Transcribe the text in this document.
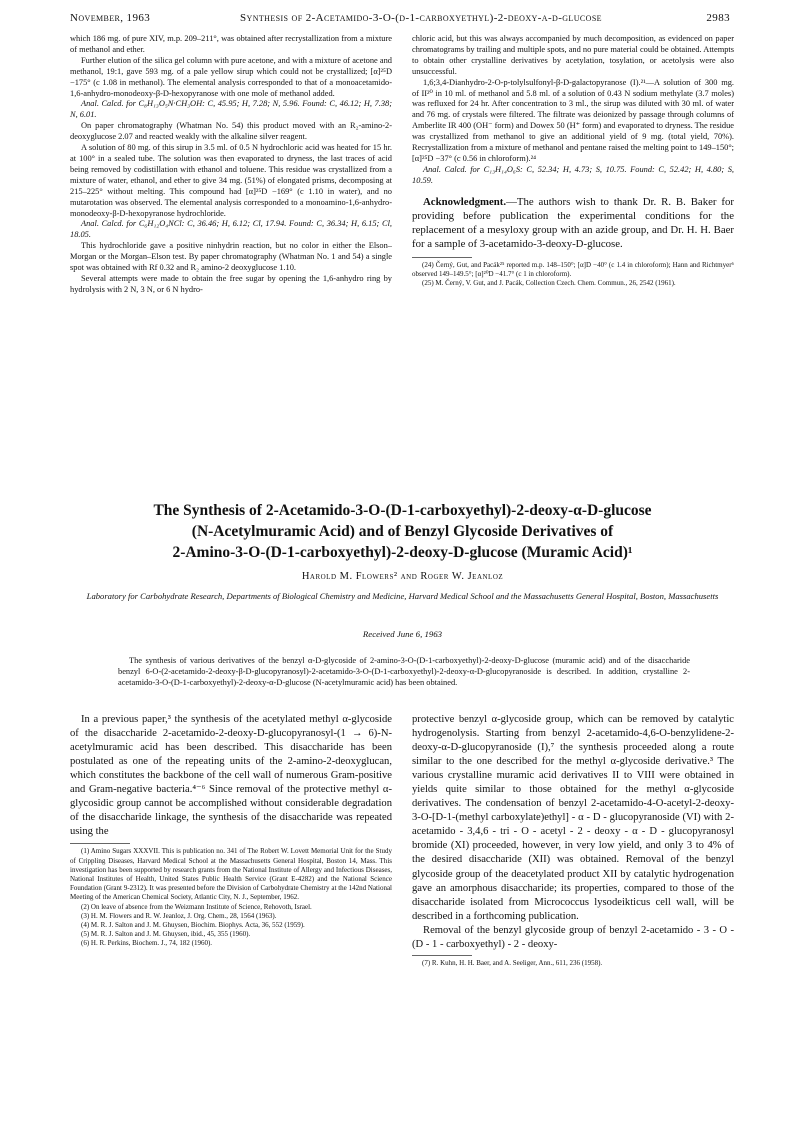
November, 1963	Synthesis of 2-Acetamido-3-O-(d-1-carboxyethyl)-2-deoxy-α-d-glucose	2983

which 186 mg. of pure XIV, m.p. 209–211°, was obtained after recrystallization from a mixture of methanol and ether.

Further elution of the silica gel column with pure acetone, and with a mixture of acetone and methanol, 19:1, gave 593 mg. of a pale yellow sirup which could not be crystallized; [α]²⁵D −175° (c 1.08 in methanol). The elemental analysis corresponded to that of a monoacetamido-1,6-anhydro-monodeoxy-β-D-hexopyranose with one mole of methanol added.

Anal. Calcd. for C₈H₁₃O₅N·CH₃OH: C, 45.95; H, 7.28; N, 5.96. Found: C, 46.12; H, 7.38; N, 6.01.

On paper chromatography (Whatman No. 54) this product moved with an R₂-amino-2-deoxyglucose 2.07 and reacted weakly with the alkaline silver reagent.

A solution of 80 mg. of this sirup in 3.5 ml. of 0.5 N hydrochloric acid was heated for 15 hr. at 100° in a sealed tube. The solution was then evaporated to dryness, the last traces of acid being removed by codistillation with ethanol and toluene. This residue was crystallized from a mixture of water, ethanol, and ether to give 34 mg. (51%) of elongated prisms, decomposing at 215–225° without melting. This compound had [α]²⁵D −169° (c 1.10 in water), and no mutarotation was observed. The elemental analysis corresponded to a monoamino-1,6-anhydro-monodeoxy-β-D-hexopyranose hydrochloride.

Anal. Calcd. for C₆H₁₂O₄NCl: C, 36.46; H, 6.12; Cl, 17.94. Found: C, 36.34; H, 6.15; Cl, 18.05.

This hydrochloride gave a positive ninhydrin reaction, but no color in either the Elson–Morgan or the Morgan–Elson test. By paper chromatography (Whatman No. 1 and 54) a single spot was obtained with Rf 0.32 and R₂ amino-2 deoxyglucose 1.10.

Several attempts were made to obtain the free sugar by opening the 1,6-anhydro ring by hydrolysis with 2 N, 3 N, or 6 N hydro-

chloric acid, but this was always accompanied by much decomposition, as evidenced on paper chromatograms by trailing and multiple spots, and no pure material could be obtained. Attempts to obtain other crystalline derivatives by acetylation, tosylation, or acetolysis were also unsuccessful.

1,6;3,4-Dianhydro-2-O-p-tolylsulfonyl-β-D-galactopyranose (I).²¹—A solution of 300 mg. of II²⁰ in 10 ml. of methanol and 5.8 ml. of a solution of 0.43 N sodium methylate (3.7 moles) was refluxed for 24 hr. After concentration to 3 ml., the sirup was diluted with 30 ml. of water and 76 mg. of crystals were filtered. The filtrate was deionized by passage through columns of Amberlite IR 400 (OH⁻ form) and Dowex 50 (H⁺ form) and evaporated to dryness. The residue was crystallized from methanol to give an additional yield of 9 mg. (total yield, 70%). Recrystallization from a mixture of methanol and pentane raised the melting point to 149–150°; [α]²⁵D −37° (c 0.56 in chloroform).²⁴

Anal. Calcd. for C₁₃H₁₄O₆S: C, 52.34; H, 4.73; S, 10.75. Found: C, 52.42; H, 4.80; S, 10.59.

Acknowledgment.—The authors wish to thank Dr. R. B. Baker for providing before publication the experimental conditions for the replacement of a mesyloxy group with an azide group, and Dr. H. H. Baer for a sample of 3-acetamido-3-deoxy-D-glucose.

(24) Černý, Gut, and Pacák²⁵ reported m.p. 148–150°; [α]D −40° (c 1.4 in chloroform); Hann and Richtmyer⁶ observed 149–149.5°; [α]²⁰D −41.7° (c 1 in chloroform).

(25) M. Černý, V. Gut, and J. Pacák, Collection Czech. Chem. Commun., 26, 2542 (1961).

The Synthesis of 2-Acetamido-3-O-(D-1-carboxyethyl)-2-deoxy-α-D-glucose
(N-Acetylmuramic Acid) and of Benzyl Glycoside Derivatives of
2-Amino-3-O-(D-1-carboxyethyl)-2-deoxy-D-glucose (Muramic Acid)¹
Harold M. Flowers² and Roger W. Jeanloz
Laboratory for Carbohydrate Research, Departments of Biological Chemistry and Medicine, Harvard Medical School and the Massachusetts General Hospital, Boston, Massachusetts
Received June 6, 1963
The synthesis of various derivatives of the benzyl α-D-glycoside of 2-amino-3-O-(D-1-carboxyethyl)-2-deoxy-D-glucose (muramic acid) and of the disaccharide benzyl 6-O-(2-acetamido-2-deoxy-β-D-glucopyranosyl)-2-acetamido-3-O-(D-1-carboxyethyl)-2-deoxy-α-D-glucopyranoside is described. In addition, crystalline 2-acetamido-3-O-(D-1-carboxyethyl)-2-deoxy-α-D-glucose (N-acetylmuramic acid) has been obtained.

In a previous paper,³ the synthesis of the acetylated methyl α-glycoside of the disaccharide 2-acetamido-2-deoxy-D-glucopyranosyl-(1 → 6)-N-acetylmuramic acid has been described. This disaccharide has been postulated as one of the repeating units of the 2-amino-2-deoxyglucan, which constitutes the backbone of the cell wall of numerous Gram-positive and Gram-negative bacteria.⁴⁻⁶ Since removal of the protective methyl α-glycosidic group cannot be accomplished without considerable degradation of the disaccharide linkage, the synthesis of the disaccharide was repeated using the

(1) Amino Sugars XXXVII. This is publication no. 341 of The Robert W. Lovett Memorial Unit for the Study of Crippling Diseases, Harvard Medical School at the Massachusetts General Hospital, Boston 14, Mass. This investigation has been supported by research grants from the National Institute of Allergy and Infectious Diseases, National Institutes of Health, United States Public Health Service (Grant E-4282) and the National Science Foundation (Grant 9-2312). It was presented before the Division of Carbohydrate Chemistry at the 142nd National Meeting of the American Chemical Society, Atlantic City, N. J., September, 1962.

(2) On leave of absence from the Weizmann Institute of Science, Rehovoth, Israel.

(3) H. M. Flowers and R. W. Jeanloz, J. Org. Chem., 28, 1564 (1963).

(4) M. R. J. Salton and J. M. Ghuysen, Biochim. Biophys. Acta, 36, 552 (1959).

(5) M. R. J. Salton and J. M. Ghuysen, ibid., 45, 355 (1960).

(6) H. R. Perkins, Biochem. J., 74, 182 (1960).

protective benzyl α-glycoside group, which can be removed by catalytic hydrogenolysis. Starting from benzyl 2-acetamido-4,6-O-benzylidene-2-deoxy-α-D-glucopyranoside (I),⁷ the synthesis proceeded along a route similar to the one described for the methyl α-glycoside derivative.³ The various crystalline muramic acid derivatives II to VIII were obtained in yields quite similar to those obtained for the methyl α-glycoside derivatives. The condensation of benzyl 2-acetamido-4-O-acetyl-2-deoxy-3-O-[D-1-(methyl carboxylate)ethyl] - α - D - glucopyranoside (VI) with 2-acetamido - 3,4,6 - tri - O - acetyl - 2 - deoxy - α - D - glucopyranosyl bromide (XI) proceeded, however, in very low yield, and only 3 to 4% of the desired disaccharide (XII) was obtained. Removal of the benzyl glycoside group of the deacetylated product XII by catalytic hydrogenation gave an amorphous disaccharide; its properties, compared to those of the disaccharide isolated from Micrococcus lysodeikticus cell wall, will be described in a forthcoming publication.

Removal of the benzyl glycoside group of benzyl 2-acetamido - 3 - O - (D - 1 - carboxyethyl) - 2 - deoxy-

(7) R. Kuhn, H. H. Baer, and A. Seeliger, Ann., 611, 236 (1958).
